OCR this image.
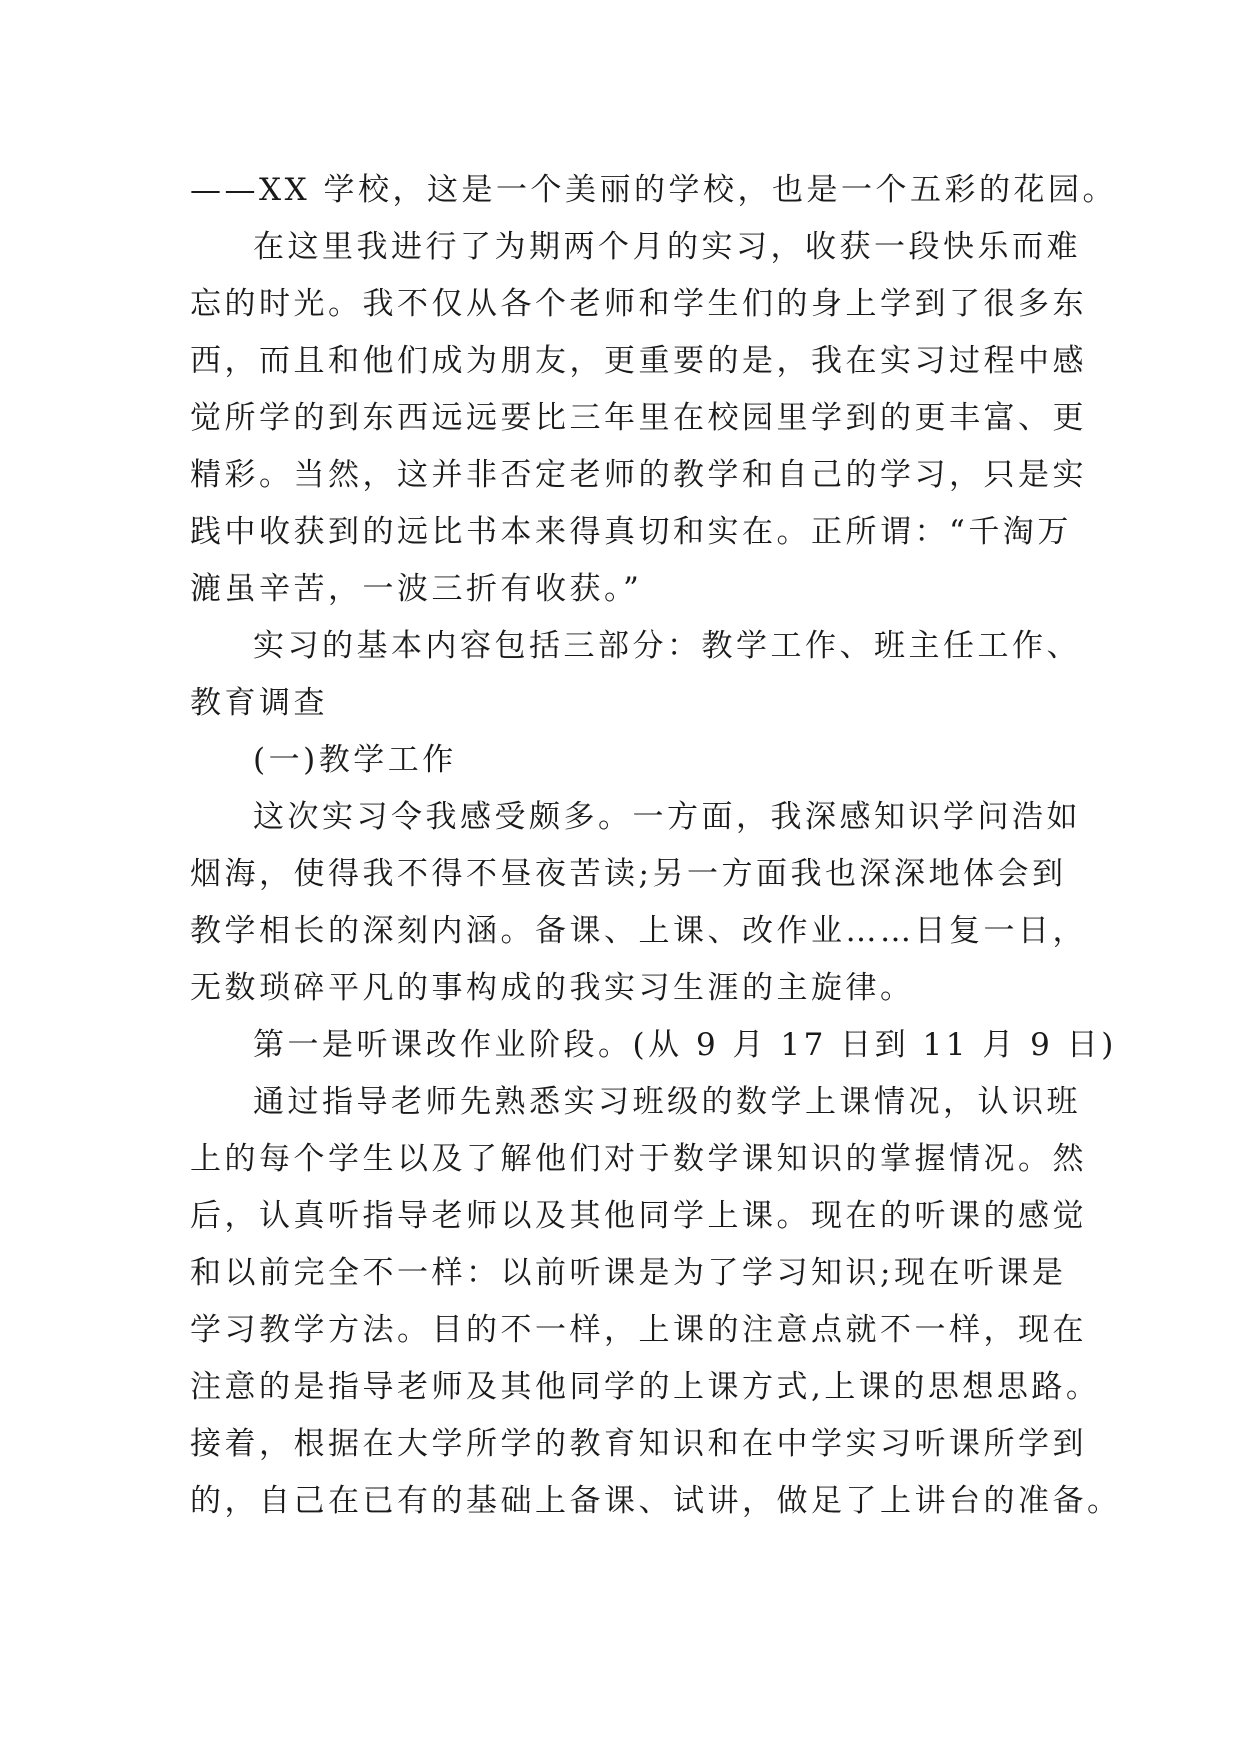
——XX 学校，这是一个美丽的学校，也是一个五彩的花园。
在这里我进行了为期两个月的实习，收获一段快乐而难
忘的时光。我不仅从各个老师和学生们的身上学到了很多东
西，而且和他们成为朋友，更重要的是，我在实习过程中感
觉所学的到东西远远要比三年里在校园里学到的更丰富、更
精彩。当然，这并非否定老师的教学和自己的学习，只是实
践中收获到的远比书本来得真切和实在。正所谓：“千淘万
漉虽辛苦，一波三折有收获。”
实习的基本内容包括三部分：教学工作、班主任工作、
教育调查
(一)教学工作
这次实习令我感受颇多。一方面，我深感知识学问浩如
烟海，使得我不得不昼夜苦读;另一方面我也深深地体会到
教学相长的深刻内涵。备课、上课、改作业……日复一日，
无数琐碎平凡的事构成的我实习生涯的主旋律。
第一是听课改作业阶段。(从 9 月 17 日到 11 月 9 日)
通过指导老师先熟悉实习班级的数学上课情况，认识班
上的每个学生以及了解他们对于数学课知识的掌握情况。然
后，认真听指导老师以及其他同学上课。现在的听课的感觉
和以前完全不一样：以前听课是为了学习知识;现在听课是
学习教学方法。目的不一样，上课的注意点就不一样，现在
注意的是指导老师及其他同学的上课方式,上课的思想思路。
接着，根据在大学所学的教育知识和在中学实习听课所学到
的，自己在已有的基础上备课、试讲，做足了上讲台的准备。
